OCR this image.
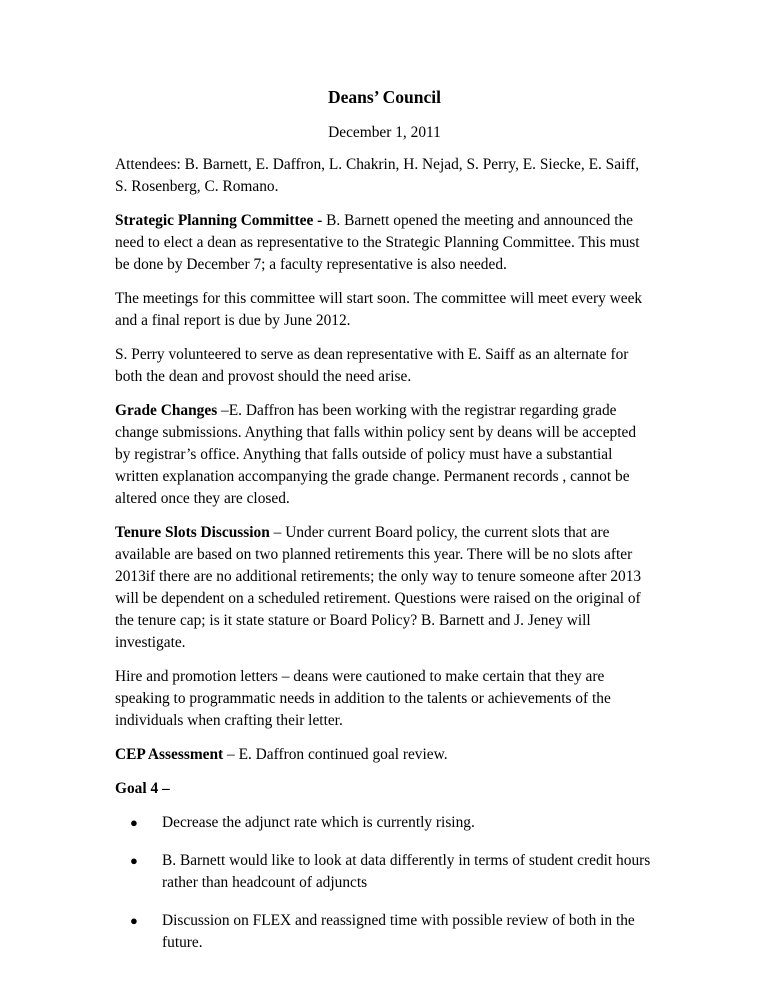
Deans’ Council
December 1, 2011

Attendees: B. Barnett, E. Daffron, L. Chakrin, H. Nejad, S. Perry, E. Siecke, E. Saiff, S. Rosenberg, C. Romano.

Strategic Planning Committee - B. Barnett opened the meeting and announced the need to elect a dean as representative to the Strategic Planning Committee. This must be done by December 7; a faculty representative is also needed.

The meetings for this committee will start soon. The committee will meet every week and a final report is due by June 2012.

S. Perry volunteered to serve as dean representative with E. Saiff as an alternate for both the dean and provost should the need arise.

Grade Changes –E. Daffron has been working with the registrar regarding grade change submissions. Anything that falls within policy sent by deans will be accepted by registrar’s office. Anything that falls outside of policy must have a substantial written explanation accompanying the grade change. Permanent records , cannot be altered once they are closed.

Tenure Slots Discussion – Under current Board policy, the current slots that are available are based on two planned retirements this year. There will be no slots after 2013if there are no additional retirements; the only way to tenure someone after 2013 will be dependent on a scheduled retirement. Questions were raised on the original of the tenure cap; is it state stature or Board Policy? B. Barnett and J. Jeney will investigate.

Hire and promotion letters – deans were cautioned to make certain that they are speaking to programmatic needs in addition to the talents or achievements of the individuals when crafting their letter.

CEP Assessment – E. Daffron continued goal review.

Goal 4 –

● Decrease the adjunct rate which is currently rising.
● B. Barnett would like to look at data differently in terms of student credit hours rather than headcount of adjuncts
● Discussion on FLEX and reassigned time with possible review of both in the future.
